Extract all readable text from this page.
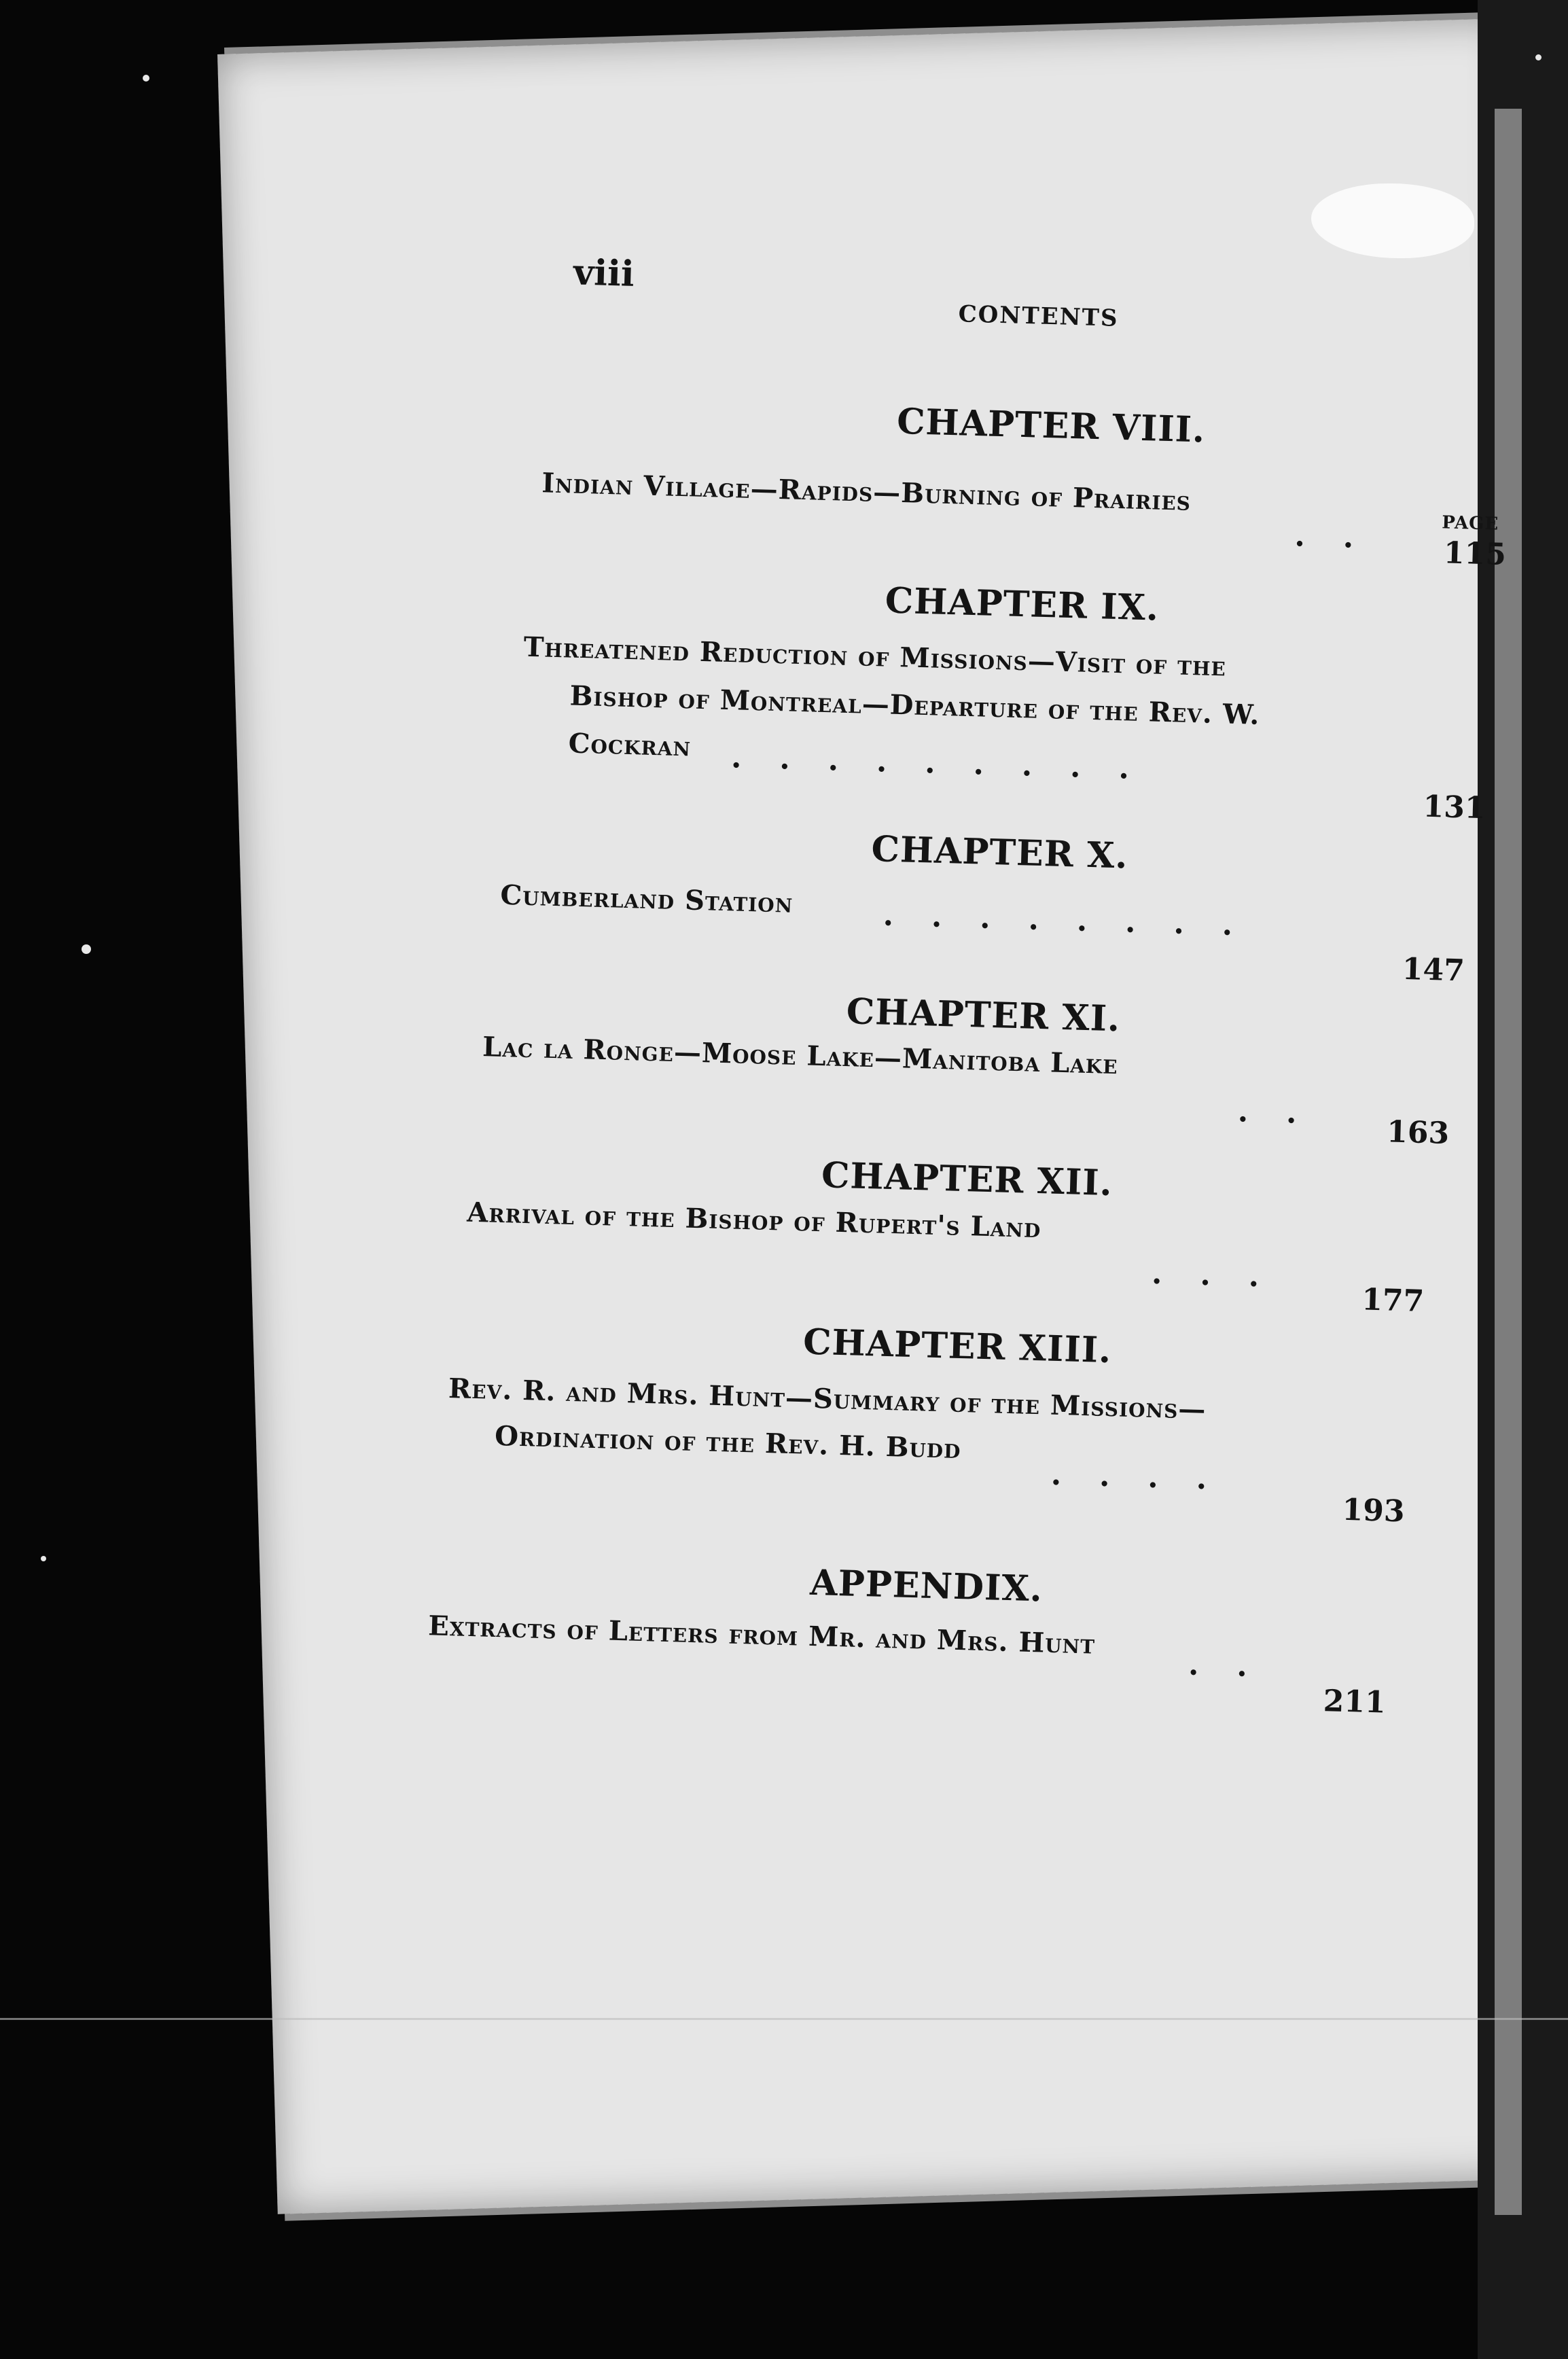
viii
CONTENTS
PAGE
CHAPTER VIII.
Indian Village—Rapids—Burning of Prairies
.. 115
CHAPTER IX.
Threatened Reduction of Missions—Visit of the
Bishop of Montreal—Departure of the Rev. W.
Cockran .........
131
CHAPTER X.
Cumberland Station	........
147
CHAPTER XI.
Lac la Ronge—Moose Lake—Manitoba Lake
..
163
CHAPTER XII.
Arrival of the Bishop of Rupert's Land
...
177
CHAPTER XIII.
Rev. R. and Mrs. Hunt—Summary of the Missions—
Ordination of the Rev. H. Budd
....
193
APPENDIX.
Extracts of Letters from Mr. and Mrs. Hunt
..
211
